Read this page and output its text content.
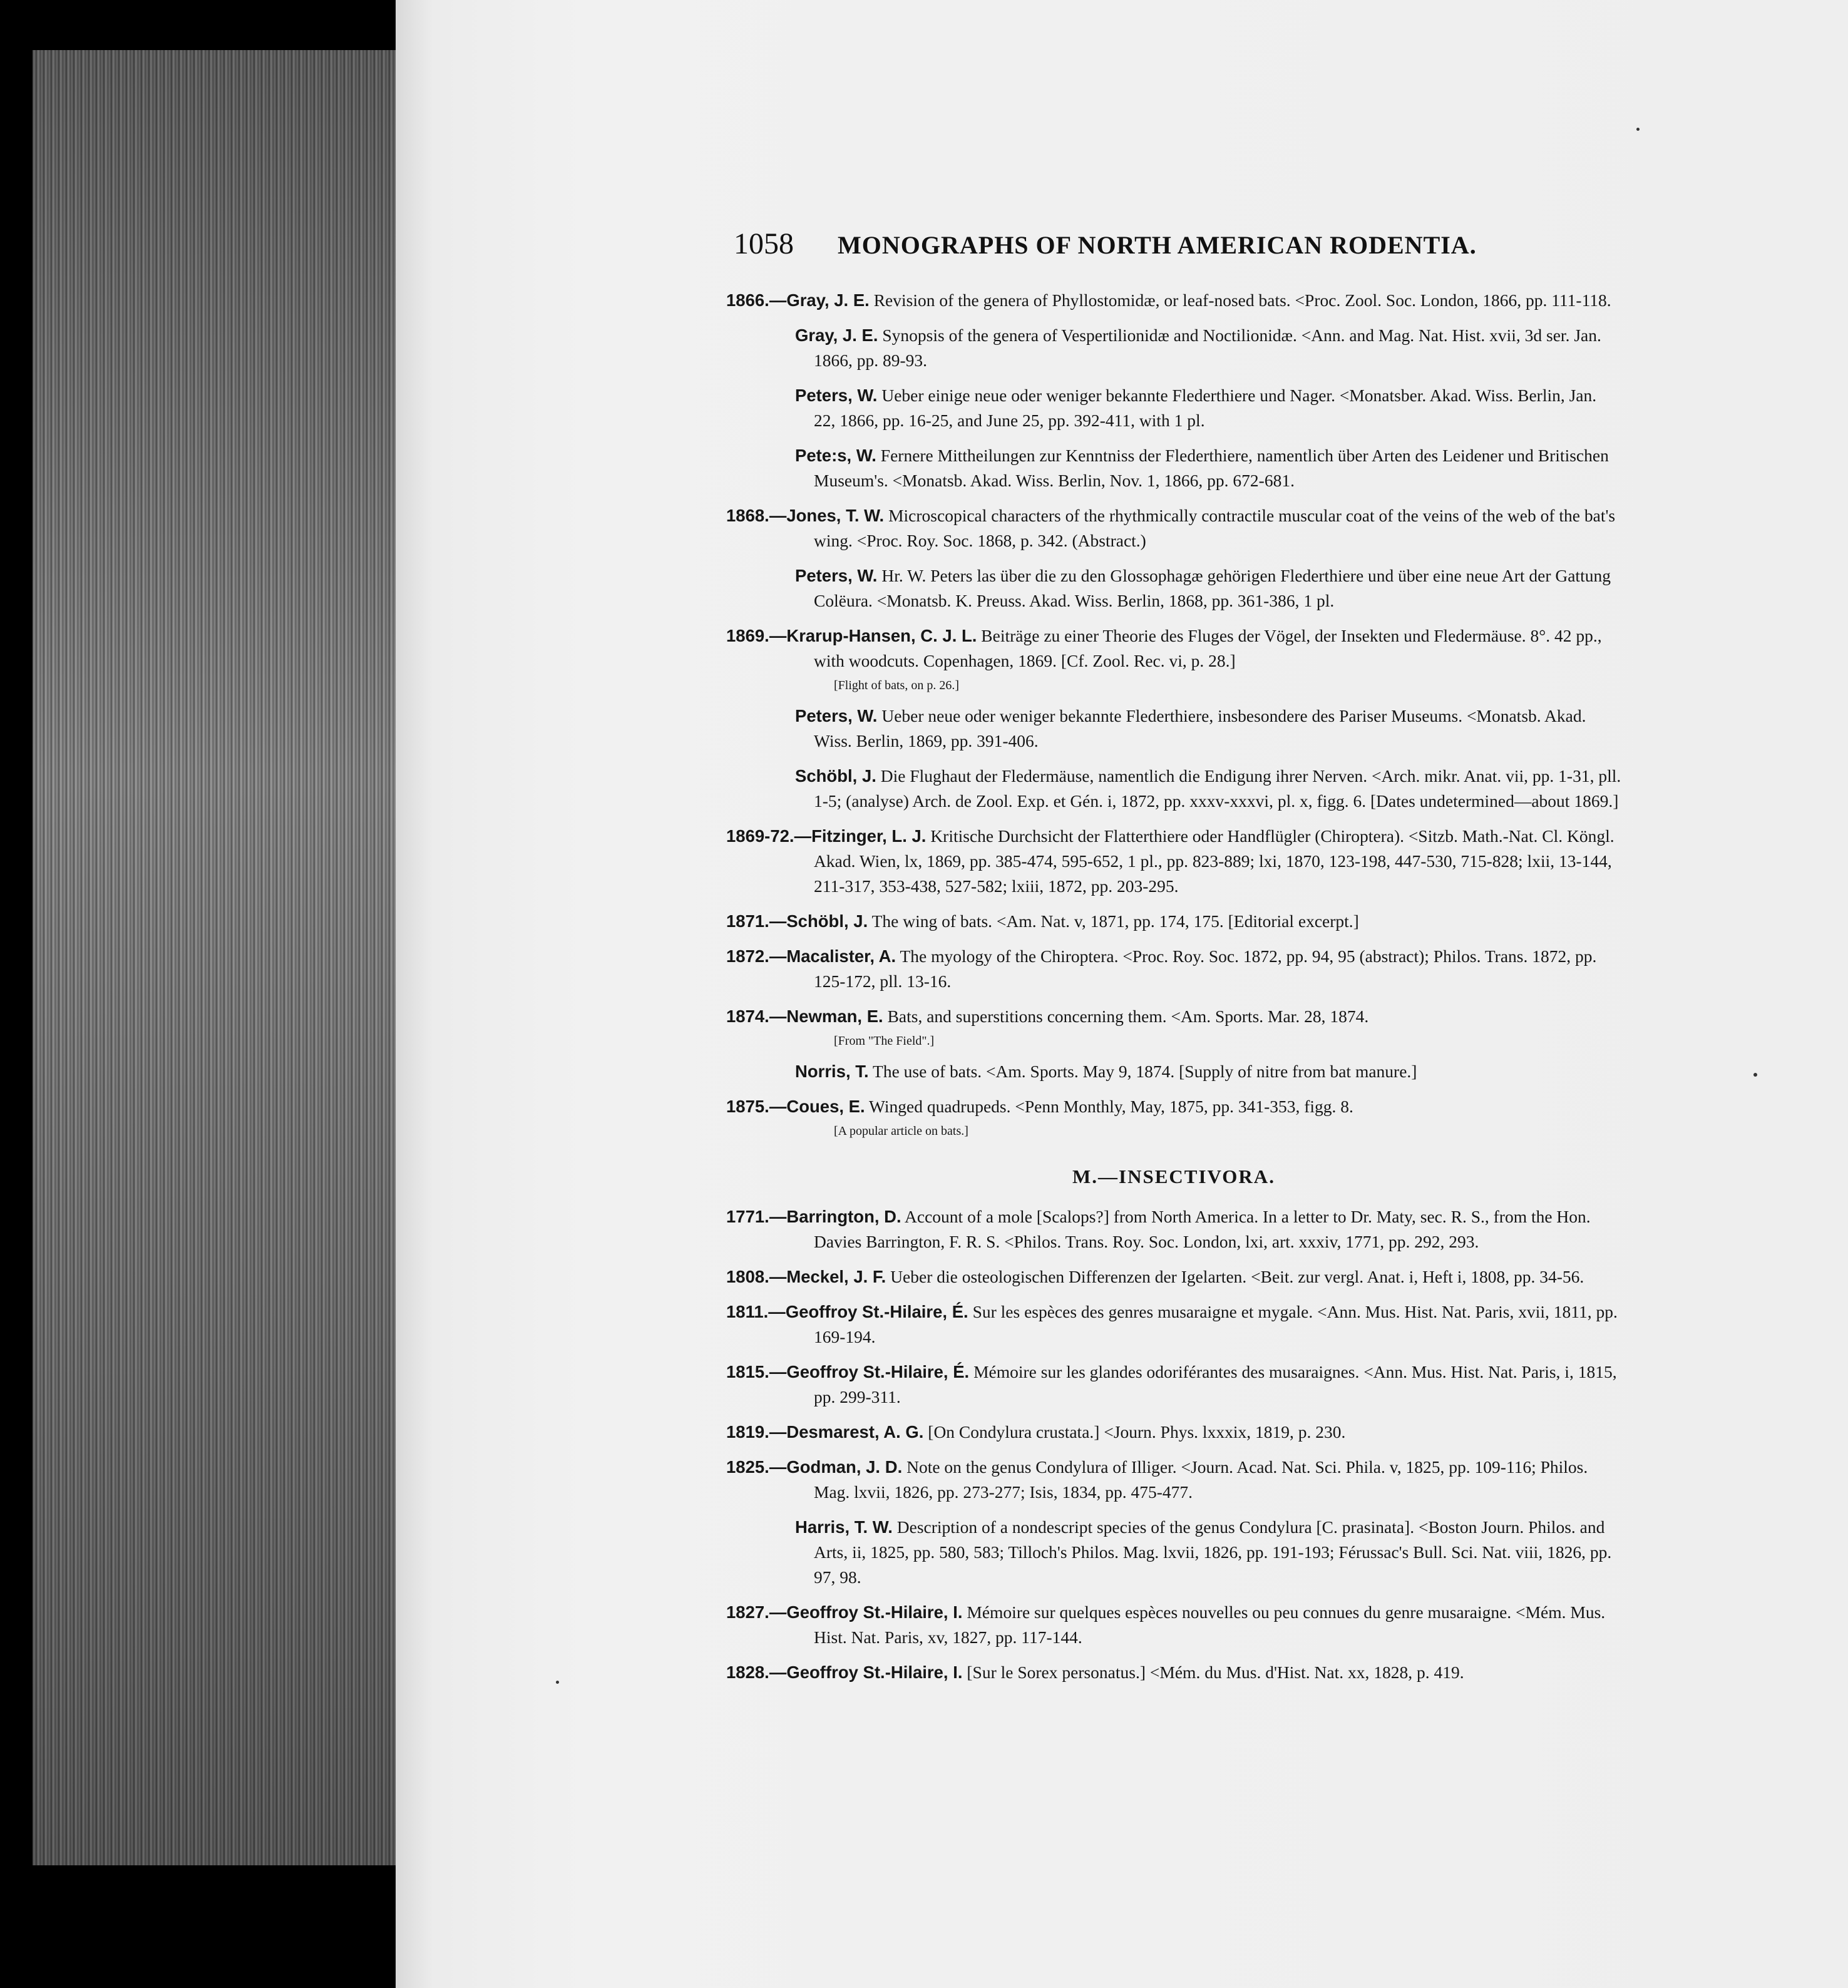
1058 MONOGRAPHS OF NORTH AMERICAN RODENTIA.
1866.—Gray, J. E. Revision of the genera of Phyllostomidæ, or leaf-nosed bats. <Proc. Zool. Soc. London, 1866, pp. 111-118.
Gray, J. E. Synopsis of the genera of Vespertilionidæ and Noctilionidæ. <Ann. and Mag. Nat. Hist. xvii, 3d ser. Jan. 1866, pp. 89-93.
Peters, W. Ueber einige neue oder weniger bekannte Flederthiere und Nager. <Monatsber. Akad. Wiss. Berlin, Jan. 22, 1866, pp. 16-25, and June 25, pp. 392-411, with 1 pl.
Pete:s, W. Fernere Mittheilungen zur Kenntniss der Flederthiere, namentlich über Arten des Leidener und Britischen Museum's. <Monatsb. Akad. Wiss. Berlin, Nov. 1, 1866, pp. 672-681.
1868.—Jones, T. W. Microscopical characters of the rhythmically contractile muscular coat of the veins of the web of the bat's wing. <Proc. Roy. Soc. 1868, p. 342. (Abstract.)
Peters, W. Hr. W. Peters las über die zu den Glossophagæ gehörigen Flederthiere und über eine neue Art der Gattung Colëura. <Monatsb. K. Preuss. Akad. Wiss. Berlin, 1868, pp. 361-386, 1 pl.
1869.—Krarup-Hansen, C. J. L. Beiträge zu einer Theorie des Fluges der Vögel, der Insekten und Fledermäuse. 8°. 42 pp., with woodcuts. Copenhagen, 1869. [Cf. Zool. Rec. vi, p. 28.]
[Flight of bats, on p. 26.]
Peters, W. Ueber neue oder weniger bekannte Flederthiere, insbesondere des Pariser Museums. <Monatsb. Akad. Wiss. Berlin, 1869, pp. 391-406.
Schöbl, J. Die Flughaut der Fledermäuse, namentlich die Endigung ihrer Nerven. <Arch. mikr. Anat. vii, pp. 1-31, pll. 1-5; (analyse) Arch. de Zool. Exp. et Gén. i, 1872, pp. xxxv-xxxvi, pl. x, figg. 6. [Dates undetermined—about 1869.]
1869-72.—Fitzinger, L. J. Kritische Durchsicht der Flatterthiere oder Handflügler (Chiroptera). <Sitzb. Math.-Nat. Cl. Köngl. Akad. Wien, lx, 1869, pp. 385-474, 595-652, 1 pl., pp. 823-889; lxi, 1870, 123-198, 447-530, 715-828; lxii, 13-144, 211-317, 353-438, 527-582; lxiii, 1872, pp. 203-295.
1871.—Schöbl, J. The wing of bats. <Am. Nat. v, 1871, pp. 174, 175. [Editorial excerpt.]
1872.—Macalister, A. The myology of the Chiroptera. <Proc. Roy. Soc. 1872, pp. 94, 95 (abstract); Philos. Trans. 1872, pp. 125-172, pll. 13-16.
1874.—Newman, E. Bats, and superstitions concerning them. <Am. Sports. Mar. 28, 1874.
[From "The Field".]
Norris, T. The use of bats. <Am. Sports. May 9, 1874. [Supply of nitre from bat manure.]
1875.—Coues, E. Winged quadrupeds. <Penn Monthly, May, 1875, pp. 341-353, figg. 8.
[A popular article on bats.]
M.—INSECTIVORA.
1771.—Barrington, D. Account of a mole [Scalops?] from North America. In a letter to Dr. Maty, sec. R. S., from the Hon. Davies Barrington, F. R. S. <Philos. Trans. Roy. Soc. London, lxi, art. xxxiv, 1771, pp. 292, 293.
1808.—Meckel, J. F. Ueber die osteologischen Differenzen der Igelarten. <Beit. zur vergl. Anat. i, Heft i, 1808, pp. 34-56.
1811.—Geoffroy St.-Hilaire, É. Sur les espèces des genres musaraigne et mygale. <Ann. Mus. Hist. Nat. Paris, xvii, 1811, pp. 169-194.
1815.—Geoffroy St.-Hilaire, É. Mémoire sur les glandes odoriférantes des musaraignes. <Ann. Mus. Hist. Nat. Paris, i, 1815, pp. 299-311.
1819.—Desmarest, A. G. [On Condylura crustata.] <Journ. Phys. lxxxix, 1819, p. 230.
1825.—Godman, J. D. Note on the genus Condylura of Illiger. <Journ. Acad. Nat. Sci. Phila. v, 1825, pp. 109-116; Philos. Mag. lxvii, 1826, pp. 273-277; Isis, 1834, pp. 475-477.
Harris, T. W. Description of a nondescript species of the genus Condylura [C. prasinata]. <Boston Journ. Philos. and Arts, ii, 1825, pp. 580, 583; Tilloch's Philos. Mag. lxvii, 1826, pp. 191-193; Férussac's Bull. Sci. Nat. viii, 1826, pp. 97, 98.
1827.—Geoffroy St.-Hilaire, I. Mémoire sur quelques espèces nouvelles ou peu connues du genre musaraigne. <Mém. Mus. Hist. Nat. Paris, xv, 1827, pp. 117-144.
1828.—Geoffroy St.-Hilaire, I. [Sur le Sorex personatus.] <Mém. du Mus. d'Hist. Nat. xx, 1828, p. 419.
